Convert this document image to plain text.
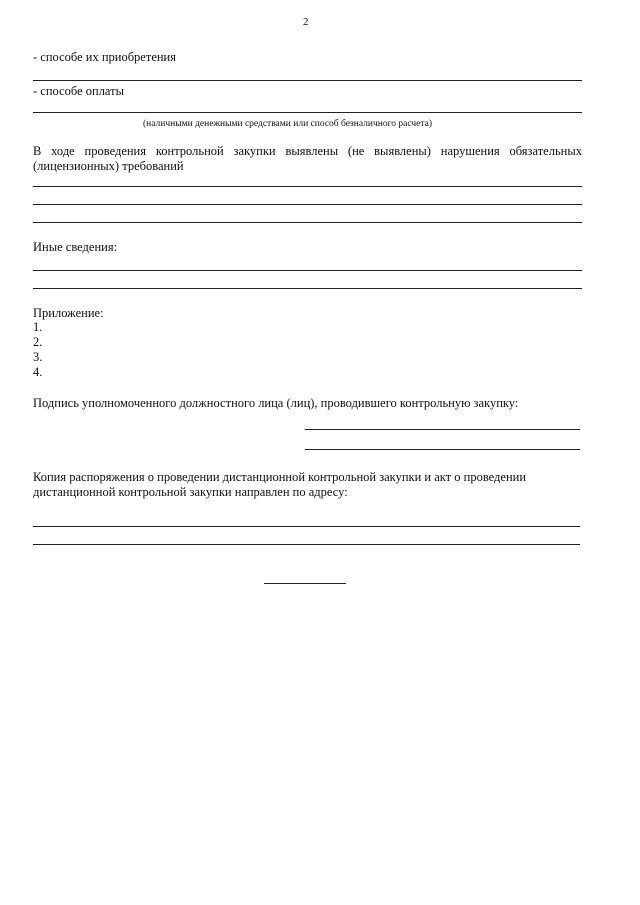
2
- способе их приобретения
- способе оплаты
(наличными денежными средствами или способ безналичного расчета)
В ходе проведения контрольной закупки выявлены (не выявлены) нарушения обязательных (лицензионных) требований
Иные сведения:
Приложение:
1.
2.
3.
4.
Подпись уполномоченного должностного лица (лиц), проводившего контрольную закупку:
Копия распоряжения о проведении дистанционной контрольной закупки и акт о проведении
дистанционной контрольной закупки направлен по адресу:
